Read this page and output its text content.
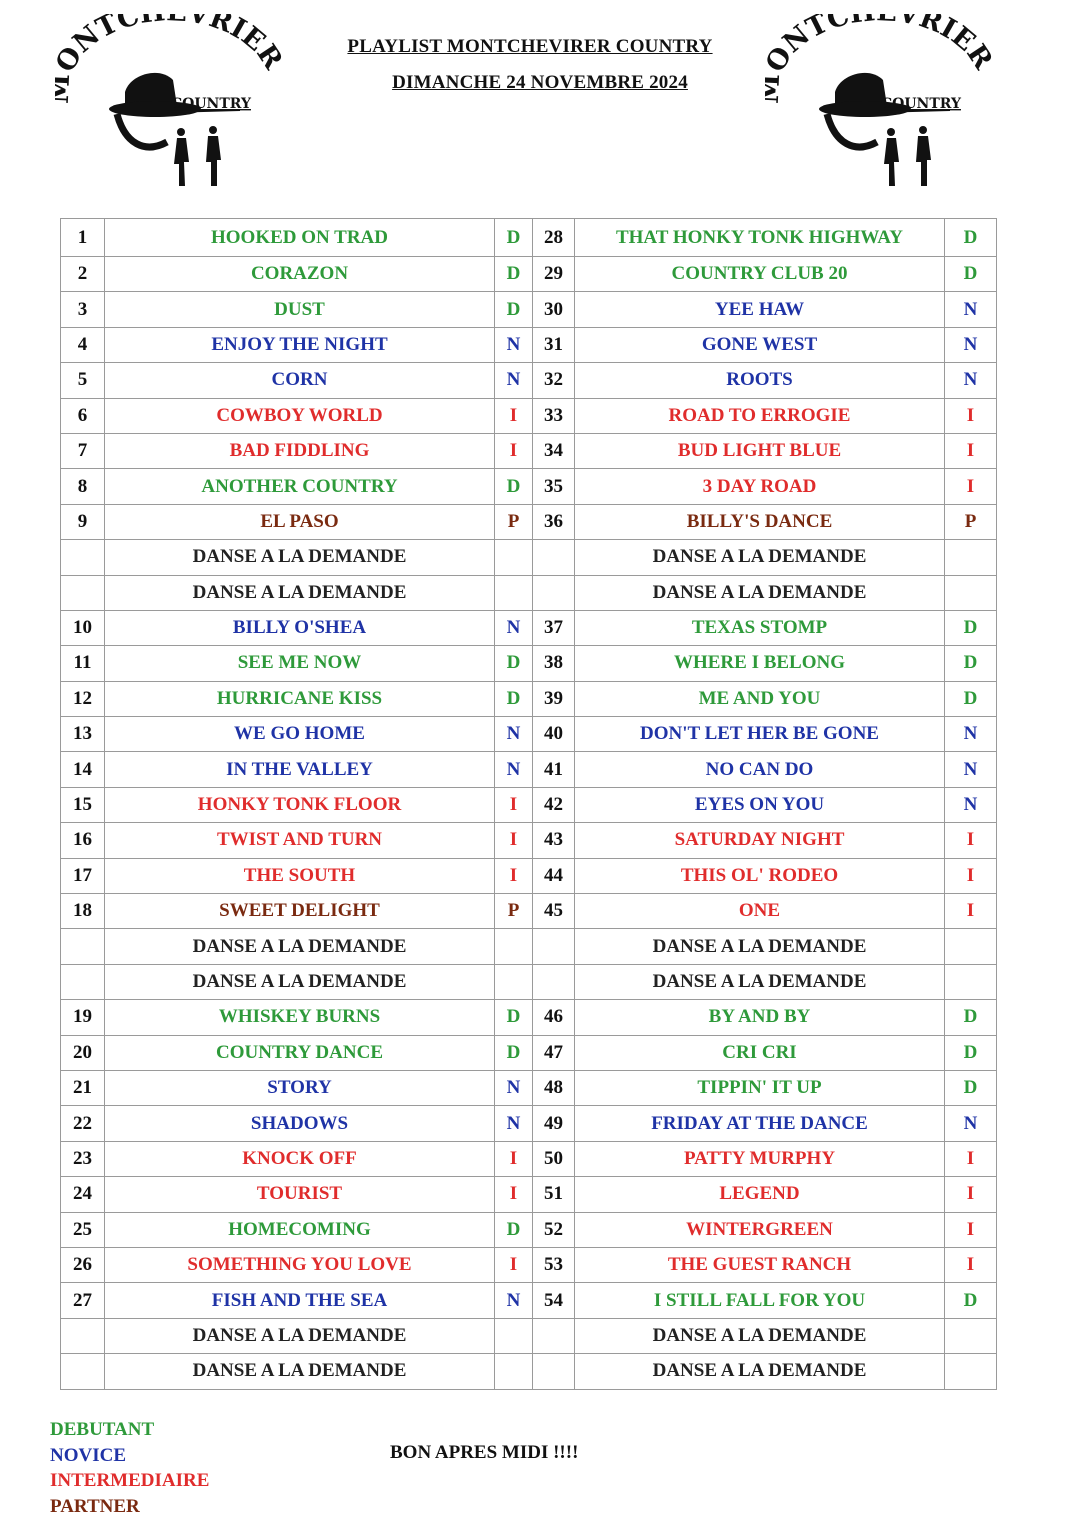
NTC VRIER
COUNTRY
NTC VRIER
COUNTRY
PLAYLIST MONTCHEVIRER COUNTRY
DIMANCHE 24 NOVEMBRE 2024
1	HOOKED ON TRAD	D	28	THAT HONKY TONK HIGHWAY	D
2	CORAZON	D	29	COUNTRY CLUB 20	D
3	DUST	D	30	YEE HAW	N
4	ENJOY THE NIGHT	N	31	GONE WEST	N
5	CORN	N	32	ROOTS	N
6	COWBOY WORLD	I	33	ROAD TO ERROGIE	I
7	BAD FIDDLING	I	34	BUD LIGHT BLUE	I
8	ANOTHER COUNTRY	D	35	3 DAY ROAD	I
9	EL PASO	P	36	BILLY'S DANCE	P
	DANSE A LA DEMANDE			DANSE A LA DEMANDE	
	DANSE A LA DEMANDE			DANSE A LA DEMANDE	
10	BILLY O'SHEA	N	37	TEXAS STOMP	D
11	SEE ME NOW	D	38	WHERE I BELONG	D
12	HURRICANE KISS	D	39	ME AND YOU	D
13	WE GO HOME	N	40	DON'T LET HER BE GONE	N
14	IN THE VALLEY	N	41	NO CAN DO	N
15	HONKY TONK FLOOR	I	42	EYES ON YOU	N
16	TWIST AND TURN	I	43	SATURDAY NIGHT	I
17	THE SOUTH	I	44	THIS OL' RODEO	I
18	SWEET DELIGHT	P	45	ONE	I
	DANSE A LA DEMANDE			DANSE A LA DEMANDE	
	DANSE A LA DEMANDE			DANSE A LA DEMANDE	
19	WHISKEY BURNS	D	46	BY AND BY	D
20	COUNTRY DANCE	D	47	CRI CRI	D
21	STORY	N	48	TIPPIN' IT UP	D
22	SHADOWS	N	49	FRIDAY AT THE DANCE	N
23	KNOCK OFF	I	50	PATTY MURPHY	I
24	TOURIST	I	51	LEGEND	I
25	HOMECOMING	D	52	WINTERGREEN	I
26	SOMETHING YOU LOVE	I	53	THE GUEST RANCH	I
27	FISH AND THE SEA	N	54	I STILL FALL FOR YOU	D
	DANSE A LA DEMANDE			DANSE A LA DEMANDE	
	DANSE A LA DEMANDE			DANSE A LA DEMANDE	
DEBUTANT
NOVICE
INTERMEDIAIRE
PARTNER
BON APRES MIDI !!!!
